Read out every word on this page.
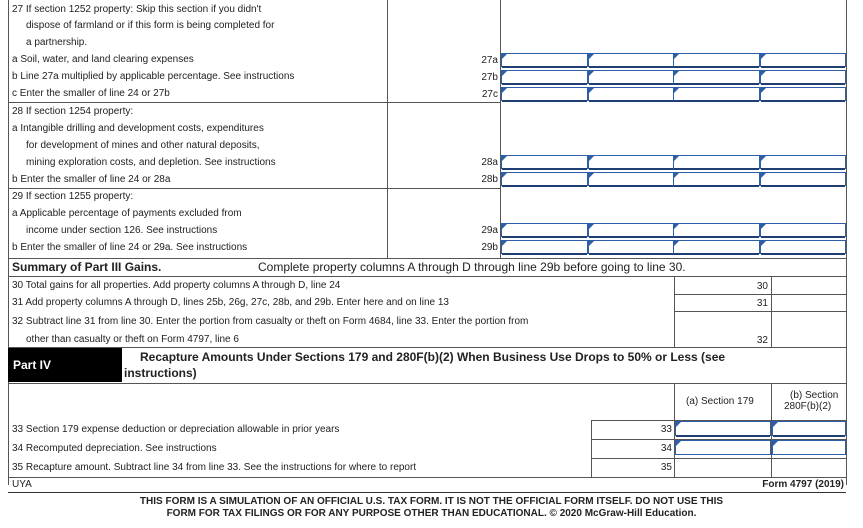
27 If section 1252 property: Skip this section if you didn't
dispose of farmland or if this form is being completed for
a partnership.
a Soil, water, and land clearing expenses
b Line 27a multiplied by applicable percentage. See instructions
c Enter the smaller of line 24 or 27b
27a
27b
27c
28 If section 1254 property:
a Intangible drilling and development costs, expenditures
for development of mines and other natural deposits,
mining exploration costs, and depletion. See instructions
b Enter the smaller of line 24 or 28a
28a
28b
29 If section 1255 property:
a Applicable percentage of payments excluded from
income under section 126. See instructions
b Enter the smaller of line 24 or 29a. See instructions
29a
29b
Summary of Part III Gains.	Complete property columns A through D through line 29b before going to line 30.
30 Total gains for all properties. Add property columns A through D, line 24
31 Add property columns A through D, lines 25b, 26g, 27c, 28b, and 29b. Enter here and on line 13
32 Subtract line 31 from line 30. Enter the portion from casualty or theft on Form 4684, line 33. Enter the portion from
other than casualty or theft on Form 4797, line 6
30
31
32
Part IV
Recapture Amounts Under Sections 179 and 280F(b)(2) When Business Use Drops to 50% or Less (see
instructions)
(a) Section 179
(b) Section
280F(b)(2)
33 Section 179 expense deduction or depreciation allowable in prior years
34 Recomputed depreciation. See instructions
35 Recapture amount. Subtract line 34 from line 33. See the instructions for where to report
33
34
35
UYA	Form 4797 (2019)
THIS FORM IS A SIMULATION OF AN OFFICIAL U.S. TAX FORM. IT IS NOT THE OFFICIAL FORM ITSELF. DO NOT USE THIS
FORM FOR TAX FILINGS OR FOR ANY PURPOSE OTHER THAN EDUCATIONAL. © 2020 McGraw-Hill Education.
